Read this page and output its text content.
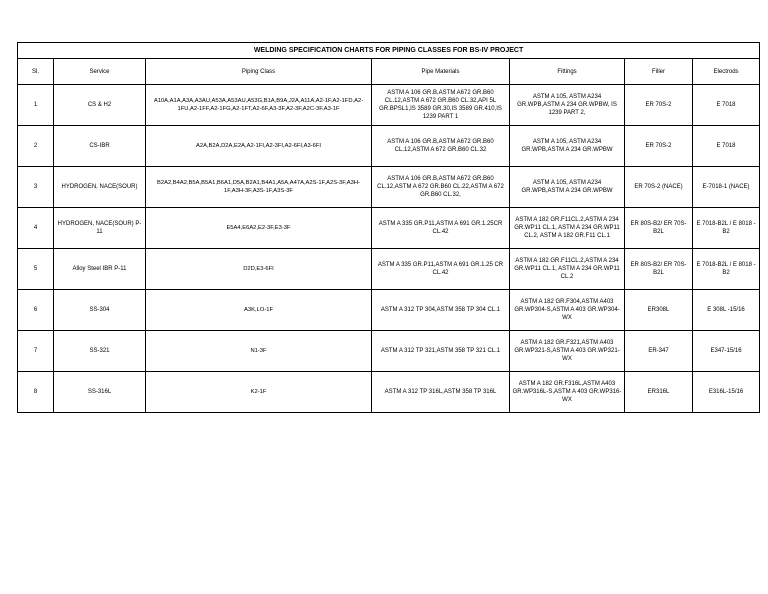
WELDING SPECIFICATION CHARTS FOR PIPING CLASSES FOR BS-IV PROJECT						
Sl.	Service	Piping Class	Pipe Materials	Fittings	Filler	Electrods
1	CS & H2	A10A,A1A,A3A,A3AU,A53A,A53AU,A53G,B1A,B9A,J2A,A11A,A2-1F,A2-1FD,A2-1FU,A2-1FF,A2-1FG,A2-1FT,A2-6F,A3-3F,A2-3F,A2C-3F,A3-1F	ASTM A 106 GR.B,ASTM A672 GR.B60 CL.12,ASTM A 672 GR.B60 CL.32,API 5L GR.BPSL1,IS 3589 GR.30,IS 3589 GR.410,IS 1239 PART 1	ASTM A 105, ASTM A234 GR.WPB,ASTM A 234 GR.WPBW, IS 1239 PART 2,	ER 70S-2	E 7018
2	CS-IBR	A2A,B2A,D2A,E2A,A2-1FI,A2-3FI,A2-6FI,A3-6FI	ASTM A 106 GR.B,ASTM A672 GR.B60 CL.12,ASTM A 672 GR.B60 CL.32	ASTM A 105, ASTM A234 GR.WPB,ASTM A 234 GR.WPBW	ER 70S-2	E 7018
3	HYDROGEN, NACE(SOUR)	B2A2,B4A2,B5A,B5A1,B6A1,D5A,B2A1,B4A1,A5A,A47A,A2S-1F,A2S-3F,A3H-1F,A3H-3F,A3S-1F,A3S-3F	ASTM A 106 GR.B,ASTM A672 GR.B60 CL.12,ASTM A 672 GR.B60 CL.22,ASTM A 672 GR.B60 CL.32,	ASTM A 105, ASTM A234 GR.WPB,ASTM A 234 GR.WPBW	ER 70S-2 (NACE)	E-7018-1 (NACE)
4	HYDROGEN, NACE(SOUR) P-11	E5A4,E6A2,E2-3F,E3-3F	ASTM A 335 GR.P11,ASTM A 691 GR.1.25CR CL.42	ASTM A 182 GR.F11CL.2,ASTM A 234 GR.WP11 CL.1, ASTM A 234 GR.WP11 CL.2, ASTM A 182 GR.F11 CL.1	ER 80S-B2/ ER 70S-B2L	E 7018-B2L / E 8018 - B2
5	Alloy Steel IBR P-11	D2D,E3-6FI	ASTM A 335 GR.P11,ASTM A 691 GR.1.25 CR CL.42	ASTM A 182 GR.F11CL.2,ASTM A 234 GR.WP11 CL.1, ASTM A 234 GR.WP11 CL.2	ER 80S-B2/ ER 70S-B2L	E 7018-B2L / E 8018 - B2
6	SS-304	A3K,LO-1F	ASTM A 312 TP 304,ASTM 358 TP 304 CL.1	ASTM A 182 GR.F304,ASTM A403 GR.WP304-S,ASTM A 403 GR.WP304-WX	ER308L	E 308L -15/16
7	SS-321	N1-3F	ASTM A 312 TP 321,ASTM 358 TP 321 CL.1	ASTM A 182 GR.F321,ASTM A403 GR.WP321-S,ASTM A 403 GR.WP321-WX	ER-347	E347-15/16
8	SS-316L	K2-1F	ASTM A 312 TP 316L,ASTM 358 TP 316L	ASTM A 182 GR.F316L,ASTM A403 GR.WP316L-S,ASTM A 403 GR.WP316-WX	ER316L	E316L-15/16
